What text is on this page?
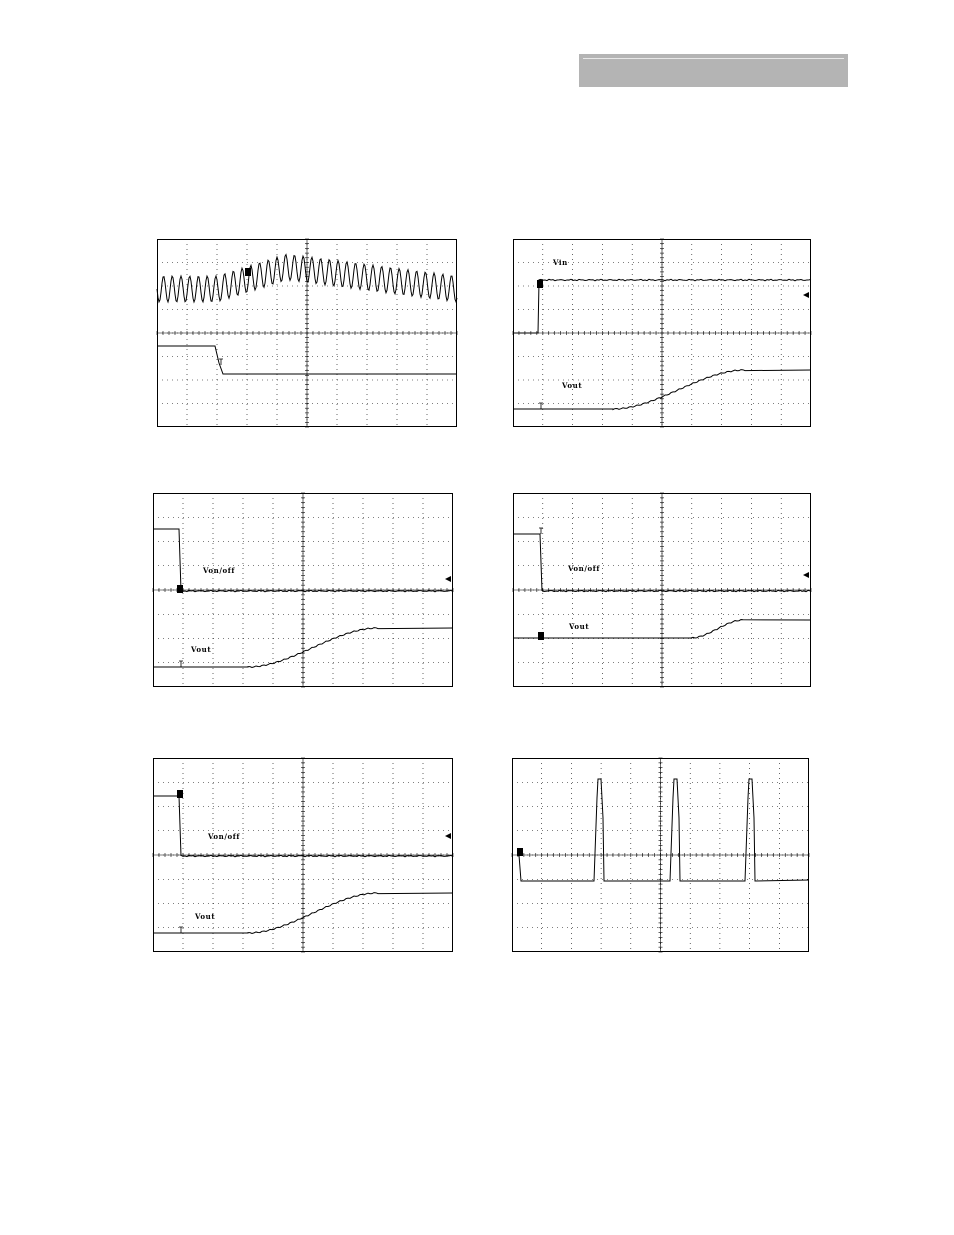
Vin
Vout
Von/off
Vout
Von/off
Vout
Von/off
Vout
